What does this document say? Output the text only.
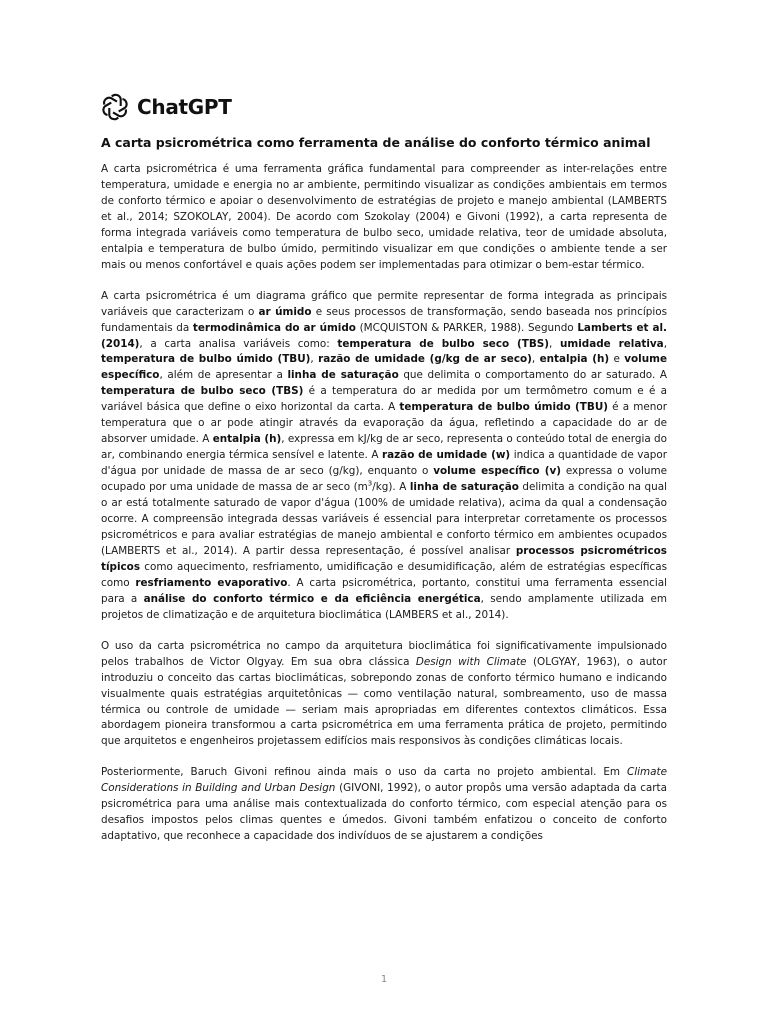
ChatGPT
A carta psicrométrica como ferramenta de análise do conforto térmico animal

A carta psicrométrica é uma ferramenta gráfica fundamental para compreender as inter-relações entre temperatura, umidade e energia no ar ambiente, permitindo visualizar as condições ambientais em termos de conforto térmico e apoiar o desenvolvimento de estratégias de projeto e manejo ambiental (LAMBERTS et al., 2014; SZOKOLAY, 2004). De acordo com Szokolay (2004) e Givoni (1992), a carta representa de forma integrada variáveis como temperatura de bulbo seco, umidade relativa, teor de umidade absoluta, entalpia e temperatura de bulbo úmido, permitindo visualizar em que condições o ambiente tende a ser mais ou menos confortável e quais ações podem ser implementadas para otimizar o bem-estar térmico.

A carta psicrométrica é um diagrama gráfico que permite representar de forma integrada as principais variáveis que caracterizam o ar úmido e seus processos de transformação, sendo baseada nos princípios fundamentais da termodinâmica do ar úmido (MCQUISTON & PARKER, 1988). Segundo Lamberts et al. (2014), a carta analisa variáveis como: temperatura de bulbo seco (TBS), umidade relativa, temperatura de bulbo úmido (TBU), razão de umidade (g/kg de ar seco), entalpia (h) e volume específico, além de apresentar a linha de saturação que delimita o comportamento do ar saturado. A temperatura de bulbo seco (TBS) é a temperatura do ar medida por um termômetro comum e é a variável básica que define o eixo horizontal da carta. A temperatura de bulbo úmido (TBU) é a menor temperatura que o ar pode atingir através da evaporação da água, refletindo a capacidade do ar de absorver umidade. A entalpia (h), expressa em kJ/kg de ar seco, representa o conteúdo total de energia do ar, combinando energia térmica sensível e latente. A razão de umidade (w) indica a quantidade de vapor d'água por unidade de massa de ar seco (g/kg), enquanto o volume específico (v) expressa o volume ocupado por uma unidade de massa de ar seco $(m^3/kg)$. A linha de saturação delimita a condição na qual o ar está totalmente saturado de vapor d'água (100% de umidade relativa), acima da qual a condensação ocorre. A compreensão integrada dessas variáveis é essencial para interpretar corretamente os processos psicrométricos e para avaliar estratégias de manejo ambiental e conforto térmico em ambientes ocupados (LAMBERTS et al., 2014). A partir dessa representação, é possível analisar processos psicrométricos típicos como aquecimento, resfriamento, umidificação e desumidificação, além de estratégias específicas como resfriamento evaporativo. A carta psicrométrica, portanto, constitui uma ferramenta essencial para a análise do conforto térmico e da eficiência energética, sendo amplamente utilizada em projetos de climatização e de arquitetura bioclimática (LAMBERS et al., 2014).

O uso da carta psicrométrica no campo da arquitetura bioclimática foi significativamente impulsionado pelos trabalhos de Victor Olgyay. Em sua obra clássica Design with Climate (OLGYAY, 1963), o autor introduziu o conceito das cartas bioclimáticas, sobrepondo zonas de conforto térmico humano e indicando visualmente quais estratégias arquitetônicas — como ventilação natural, sombreamento, uso de massa térmica ou controle de umidade — seriam mais apropriadas em diferentes contextos climáticos. Essa abordagem pioneira transformou a carta psicrométrica em uma ferramenta prática de projeto, permitindo que arquitetos e engenheiros projetassem edifícios mais responsivos às condições climáticas locais.

Posteriormente, Baruch Givoni refinou ainda mais o uso da carta no projeto ambiental. Em Climate Considerations in Building and Urban Design (GIVONI, 1992), o autor propôs uma versão adaptada da carta psicrométrica para uma análise mais contextualizada do conforto térmico, com especial atenção para os desafios impostos pelos climas quentes e úmedos. Givoni também enfatizou o conceito de conforto adaptativo, que reconhece a capacidade dos indivíduos de se ajustarem a condições

1
